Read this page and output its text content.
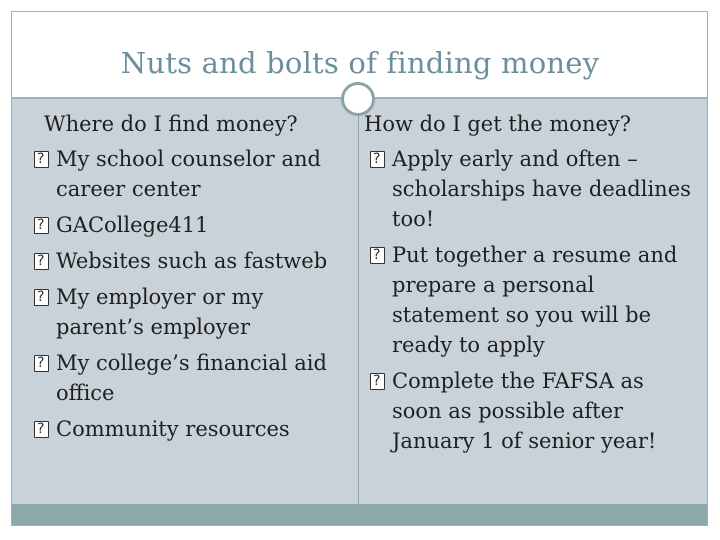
Nuts and bolts of finding money
Where do I find money?
?
My school counselor and career center
?
GACollege411
?
Websites such as fastweb
?
My employer or my parent’s employer
?
My college’s financial aid office
?
Community resources
How do I get the money?
?
Apply early and often – scholarships have deadlines too!
?
Put together a resume and prepare a personal statement so you will be ready to apply
?
Complete the FAFSA as soon as possible after January 1 of senior year!
